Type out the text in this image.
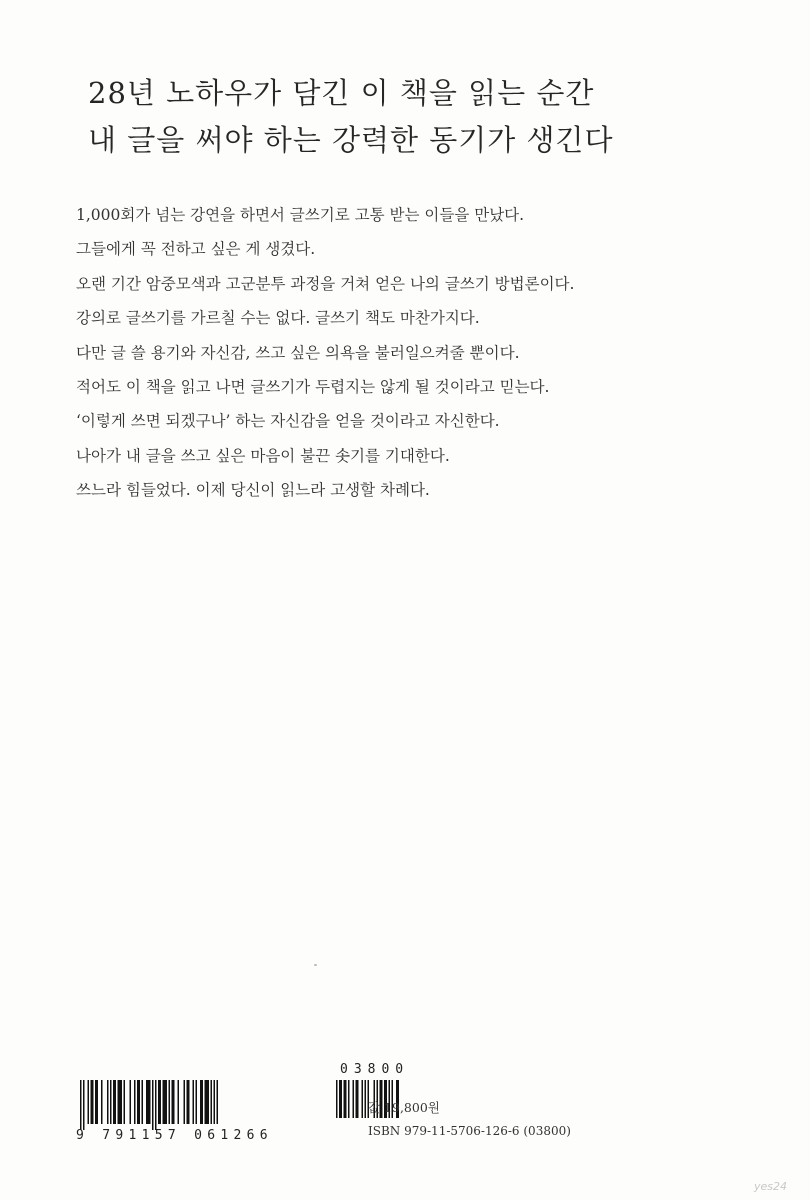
28년 노하우가 담긴 이 책을 읽는 순간
내 글을 써야 하는 강력한 동기가 생긴다
1,000회가 넘는 강연을 하면서 글쓰기로 고통 받는 이들을 만났다.
그들에게 꼭 전하고 싶은 게 생겼다.
오랜 기간 암중모색과 고군분투 과정을 거쳐 얻은 나의 글쓰기 방법론이다.
강의로 글쓰기를 가르칠 수는 없다. 글쓰기 책도 마찬가지다.
다만 글 쓸 용기와 자신감, 쓰고 싶은 의욕을 불러일으켜줄 뿐이다.
적어도 이 책을 읽고 나면 글쓰기가 두렵지는 않게 될 것이라고 믿는다.
‘이렇게 쓰면 되겠구나’ 하는 자신감을 얻을 것이라고 자신한다.
나아가 내 글을 쓰고 싶은 마음이 불끈 솟기를 기대한다.
쓰느라 힘들었다. 이제 당신이 읽느라 고생할 차례다.
03800
9 791157 061266
값 19,800원
ISBN 979-11-5706-126-6 (03800)
yes24
